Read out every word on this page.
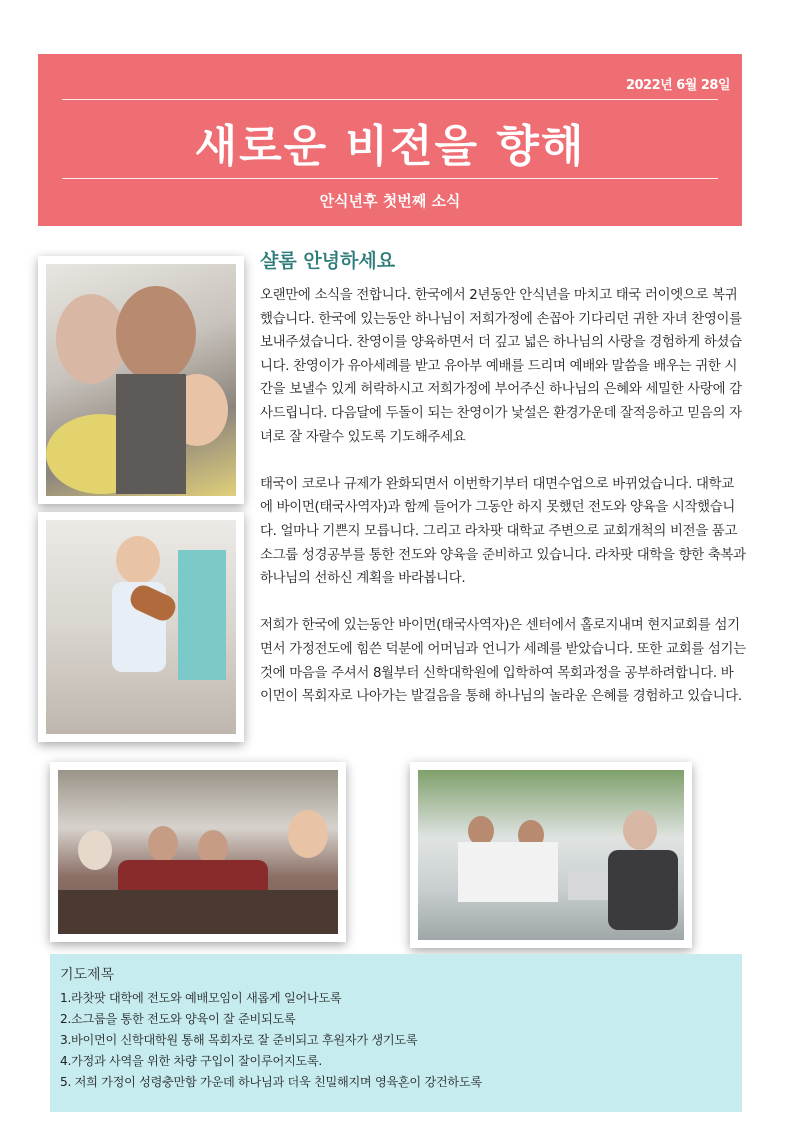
2022년 6월 28일
새로운 비전을 향해
안식년후 첫번째 소식
샬롬 안녕하세요

오랜만에 소식을 전합니다. 한국에서 2년동안 안식년을 마치고 태국 러이엣으로 복귀했습니다. 한국에 있는동안 하나님이 저희가정에 손꼽아 기다리던 귀한 자녀 찬영이를 보내주셨습니다. 찬영이를 양육하면서 더 깊고 넓은 하나님의 사랑을 경험하게 하셨습니다. 찬영이가 유아세례를 받고 유아부 예배를 드리며 예배와 말씀을 배우는 귀한 시간을 보낼수 있게 허락하시고 저희가정에 부어주신 하나님의 은혜와 세밀한 사랑에 감사드립니다. 다음달에 두돌이 되는 찬영이가 낯설은 환경가운데 잘적응하고 믿음의 자녀로 잘 자랄수 있도록 기도해주세요

태국이 코로나 규제가 완화되면서 이번학기부터 대면수업으로 바뀌었습니다. 대학교에 바이먼(태국사역자)과 함께 들어가 그동안 하지 못했던 전도와 양육을 시작했습니다. 얼마나 기쁜지 모릅니다. 그리고 라차팟 대학교 주변으로 교회개척의 비전을 품고 소그룹 성경공부를 통한 전도와 양육을 준비하고 있습니다. 라차팟 대학을 향한 축복과 하나님의 선하신 계획을 바라봅니다.

저희가 한국에 있는동안 바이먼(태국사역자)은 센터에서 홀로지내며 현지교회를 섬기면서 가정전도에 힘쓴 덕분에 어머님과 언니가 세례를 받았습니다. 또한 교회를 섬기는 것에 마음을 주셔서 8월부터 신학대학원에 입학하여 목회과정을 공부하려합니다. 바이먼이 목회자로 나아가는 발걸음을 통해 하나님의 놀라운 은혜를 경험하고 있습니다.

기도제목
1.라찻팟 대학에 전도와 예배모임이 새롭게 일어나도록
2.소그룹을 통한 전도와 양육이 잘 준비되도록
3.바이먼이 신학대학원 통해 목회자로 잘 준비되고 후원자가 생기도록
4.가정과 사역을 위한 차량 구입이 잘이루어지도록.
5. 저희 가정이 성령충만함 가운데 하나님과 더욱 친밀해지며 영육혼이 강건하도록
